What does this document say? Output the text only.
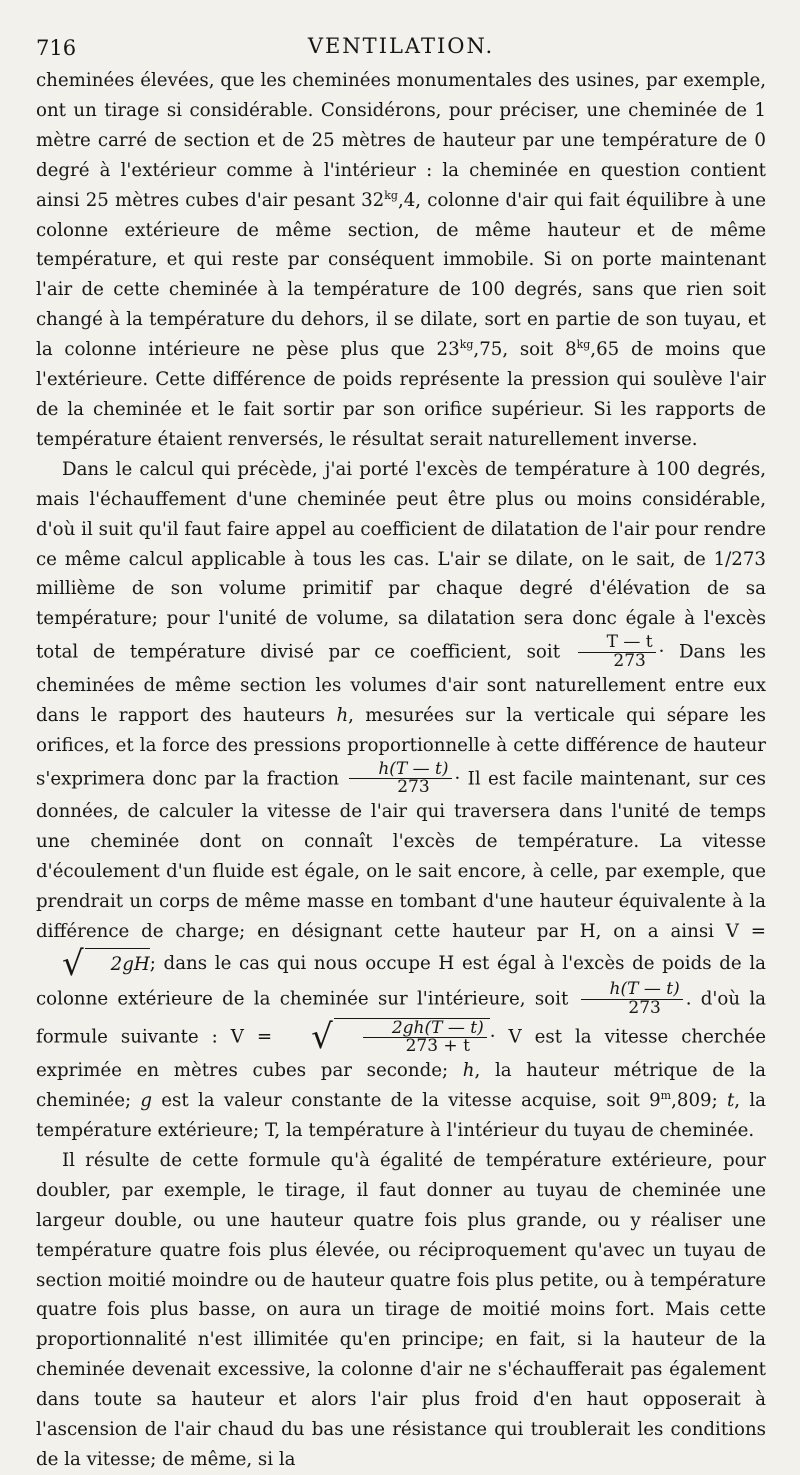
716	VENTILATION.

cheminées élevées, que les cheminées monumentales des usines, par exemple, ont un tirage si considérable. Considérons, pour préciser, une cheminée de 1 mètre carré de section et de 25 mètres de hauteur par une température de 0 degré à l'extérieur comme à l'intérieur : la cheminée en question contient ainsi 25 mètres cubes d'air pesant $32^{kg},4$, colonne d'air qui fait équilibre à une colonne extérieure de même section, de même hauteur et de même température, et qui reste par conséquent immobile. Si on porte maintenant l'air de cette cheminée à la température de 100 degrés, sans que rien soit changé à la température du dehors, il se dilate, sort en partie de son tuyau, et la colonne intérieure ne pèse plus que $23^{kg},75$, soit $8^{kg},65$ de moins que l'extérieure. Cette différence de poids représente la pression qui soulève l'air de la cheminée et le fait sortir par son orifice supérieur. Si les rapports de température étaient renversés, le résultat serait naturellement inverse.

Dans le calcul qui précède, j'ai porté l'excès de température à 100 degrés, mais l'échauffement d'une cheminée peut être plus ou moins considérable, d'où il suit qu'il faut faire appel au coefficient de dilatation de l'air pour rendre ce même calcul applicable à tous les cas. L'air se dilate, on le sait, de 1/273 millième de son volume primitif par chaque degré d'élévation de sa température; pour l'unité de volume, sa dilatation sera donc égale à l'excès total de température divisé par ce coefficient, soit $\frac{T — t}{273}$ · Dans les cheminées de même section les volumes d'air sont naturellement entre eux dans le rapport des hauteurs h, mesurées sur la verticale qui sépare les orifices, et la force des pressions proportionnelle à cette différence de hauteur s'exprimera donc par la fraction $\frac{h(T — t)}{273} \cdot Il$ est facile maintenant, sur ces données, de calculer la vitesse de l'air qui traversera dans l'unité de temps une cheminée dont on connaît l'excès de température. La vitesse d'écoulement d'un fluide est égale, on le sait encore, à celle, par exemple, que prendrait un corps de même masse en tombant d'une hauteur équivalente à la différence de charge; en désignant cette hauteur par H, on a ainsi V =
√	2gH ; dans le cas qui nous occupe H est égal à l'excès de poids de la colonne extérieure de la cheminée sur l'intérieure, soit $\frac{h(T — t)}{273}$ . d'où la formule suivante : V = √ $\frac{2gh(T — t)}{273 + t} \cdot V$ est la vitesse cherchée exprimée en mètres cubes par seconde; h, la hauteur métrique de la cheminée; g est la valeur constante de la vitesse acquise, soit 9$^m$,809; t, la température extérieure; T, la température à l'intérieur du tuyau de cheminée.

Il résulte de cette formule qu'à égalité de température extérieure, pour doubler, par exemple, le tirage, il faut donner au tuyau de cheminée une largeur double, ou une hauteur quatre fois plus grande, ou y réaliser une température quatre fois plus élevée, ou réciproquement qu'avec un tuyau de section moitié moindre ou de hauteur quatre fois plus petite, ou à température quatre fois plus basse, on aura un tirage de moitié moins fort. Mais cette proportionnalité n'est illimitée qu'en principe; en fait, si la hauteur de la cheminée devenait excessive, la colonne d'air ne s'échaufferait pas également dans toute sa hauteur et alors l'air plus froid d'en haut opposerait à l'ascension de l'air chaud du bas une résistance qui troublerait les conditions de la vitesse; de même, si la
